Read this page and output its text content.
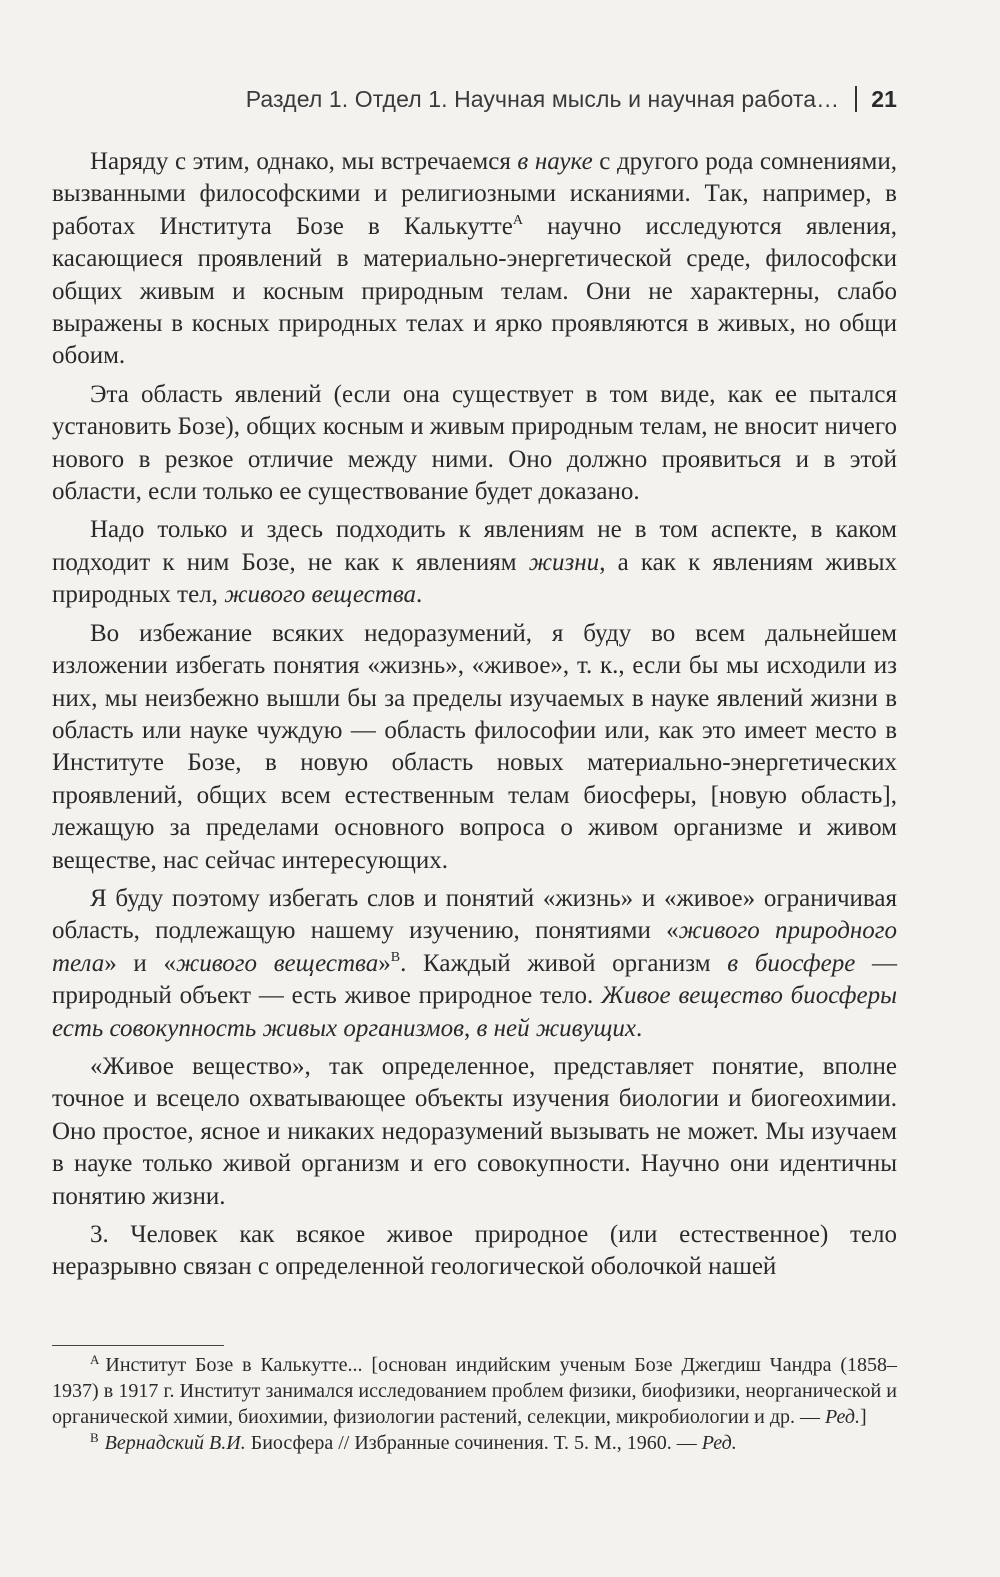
Раздел 1. Отдел 1. Научная мысль и научная работа… 21

Наряду с этим, однако, мы встречаемся в науке с другого рода сомнениями, вызванными философскими и религиозными исканиями. Так, например, в работах Института Бозе в Калькутте$^A$ научно исследуются явления, касающиеся проявлений в материально-энергетической среде, философски общих живым и косным природным телам. Они не характерны, слабо выражены в косных природных телах и ярко проявляются в живых, но общи обоим.

Эта область явлений (если она существует в том виде, как ее пытался установить Бозе), общих косным и живым природным телам, не вносит ничего нового в резкое отличие между ними. Оно должно проявиться и в этой области, если только ее существование будет доказано.

Надо только и здесь подходить к явлениям не в том аспекте, в каком подходит к ним Бозе, не как к явлениям жизни, а как к явлениям живых природных тел, живого вещества.

Во избежание всяких недоразумений, я буду во всем дальнейшем изложении избегать понятия «жизнь», «живое», т. к., если бы мы исходили из них, мы неизбежно вышли бы за пределы изучаемых в науке явлений жизни в область или науке чуждую — область философии или, как это имеет место в Институте Бозе, в новую область новых материально-энергетических проявлений, общих всем естественным телам биосферы, [новую область], лежащую за пределами основного вопроса о живом организме и живом веществе, нас сейчас интересующих.

Я буду поэтому избегать слов и понятий «жизнь» и «живое» ограничивая область, подлежащую нашему изучению, понятиями «живого природного тела» и «живого вещества»$^B$. Каждый живой организм в биосфере — природный объект — есть живое природное тело. Живое вещество биосферы есть совокупность живых организмов, в ней живущих.

«Живое вещество», так определенное, представляет понятие, вполне точное и всецело охватывающее объекты изучения биологии и биогеохимии. Оно простое, ясное и никаких недоразумений вызывать не может. Мы изучаем в науке только живой организм и его совокупности. Научно они идентичны понятию жизни.

3. Человек как всякое живое природное (или естественное) тело неразрывно связан с определенной геологической оболочкой нашей

$^A$ Институт Бозе в Калькутте... [основан индийским ученым Бозе Джегдиш Чандра (1858–1937) в 1917 г. Институт занимался исследованием проблем физики, биофизики, неорганической и органической химии, биохимии, физиологии растений, селекции, микробиологии и др. — Ред.]

$^B$ Вернадский В.И. Биосфера // Избранные сочинения. Т. 5. М., 1960. — Ред.
